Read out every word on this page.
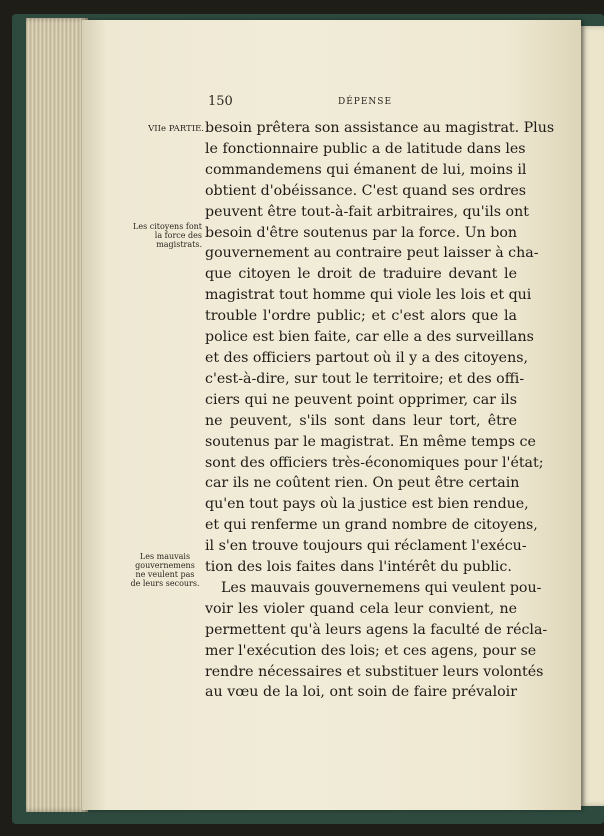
150	DÉPENSE
VIIe PARTIE.
Les citoyens font la force des magistrats.
Les mauvais gouvernemens ne veulent pas de leurs secours.
besoin prêtera son assistance au magistrat. Plus
le fonctionnaire public a de latitude dans les
commandemens qui émanent de lui, moins il
obtient d'obéissance. C'est quand ses ordres
peuvent être tout-à-fait arbitraires, qu'ils ont
besoin d'être soutenus par la force. Un bon
gouvernement au contraire peut laisser à cha-
que citoyen le droit de traduire devant le
magistrat tout homme qui viole les lois et qui
trouble l'ordre public; et c'est alors que la
police est bien faite, car elle a des surveillans
et des officiers partout où il y a des citoyens,
c'est-à-dire, sur tout le territoire; et des offi-
ciers qui ne peuvent point opprimer, car ils
ne peuvent, s'ils sont dans leur tort, être
soutenus par le magistrat. En même temps ce
sont des officiers très-économiques pour l'état;
car ils ne coûtent rien. On peut être certain
qu'en tout pays où la justice est bien rendue,
et qui renferme un grand nombre de citoyens,
il s'en trouve toujours qui réclament l'exécu-
tion des lois faites dans l'intérêt du public.
Les mauvais gouvernemens qui veulent pou-
voir les violer quand cela leur convient, ne
permettent qu'à leurs agens la faculté de récla-
mer l'exécution des lois; et ces agens, pour se
rendre nécessaires et substituer leurs volontés
au vœu de la loi, ont soin de faire prévaloir
